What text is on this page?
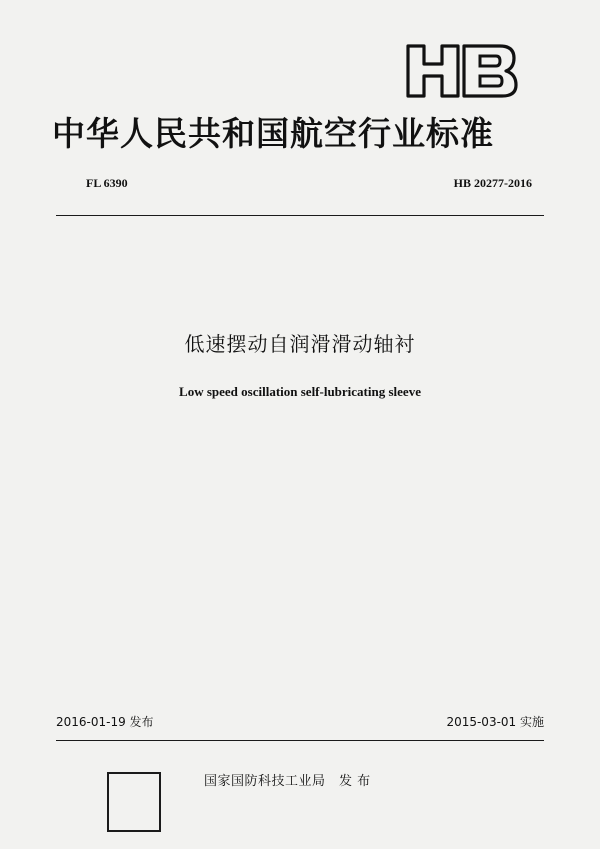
中华人民共和国航空行业标准
FL 6390	HB 20277-2016
低速摆动自润滑滑动轴衬
Low speed oscillation self-lubricating sleeve
2016-01-19 发布	2015-03-01 实施
国家国防科技工业局　发 布
